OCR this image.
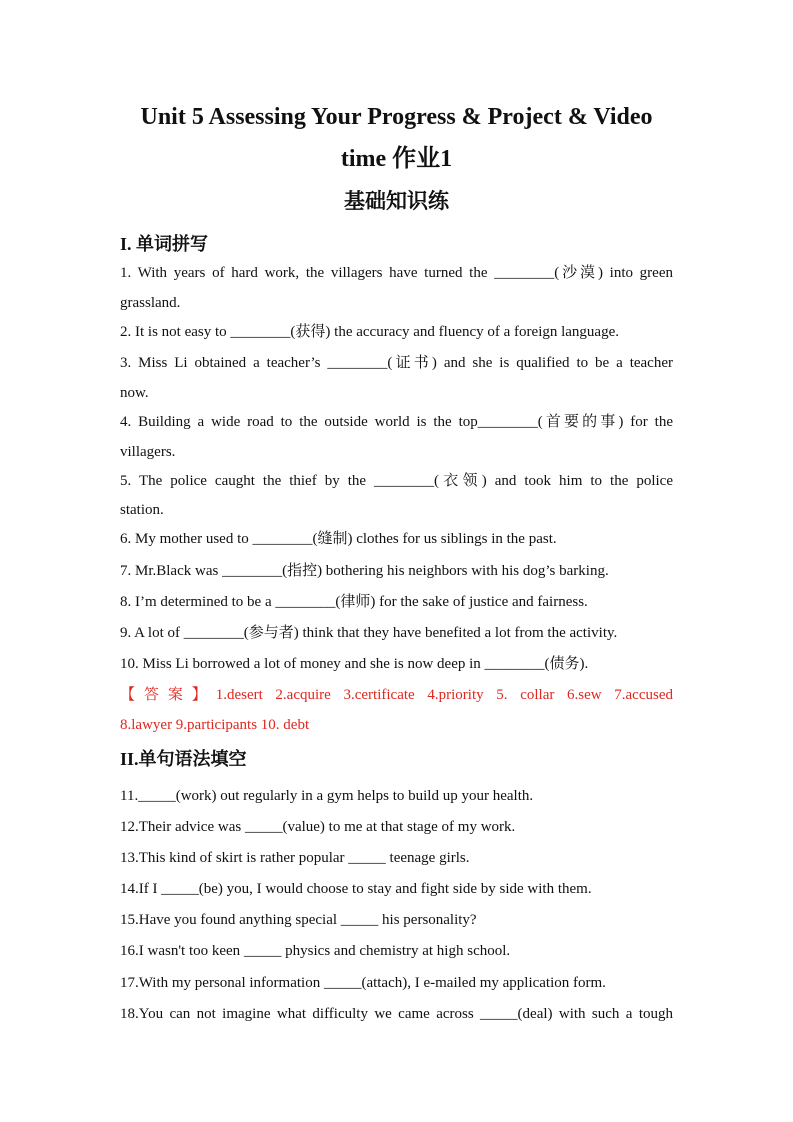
Unit 5 Assessing Your Progress & Project & Video
time 作业1
基础知识练
I. 单词拼写
1. With years of hard work, the villagers have turned the ________(沙漠) into green
grassland.
2. It is not easy to ________(获得) the accuracy and fluency of a foreign language.
3. Miss Li obtained a teacher’s ________(证书) and she is qualified to be a teacher
now.
4. Building a wide road to the outside world is the top________(首要的事) for the
villagers.
5. The police caught the thief by the ________(衣领) and took him to the police
station.
6. My mother used to ________(缝制) clothes for us siblings in the past.
7. Mr.Black was ________(指控) bothering his neighbors with his dog’s barking.
8. I’m determined to be a ________(律师) for the sake of justice and fairness.
9. A lot of ________(参与者) think that they have benefited a lot from the activity.
10. Miss Li borrowed a lot of money and she is now deep in ________(债务).
【答案】1.desert 2.acquire 3.certificate 4.priority 5. collar 6.sew 7.accused
8.lawyer 9.participants 10. debt
II.单句语法填空
11._____(work) out regularly in a gym helps to build up your health.
12.Their advice was _____(value) to me at that stage of my work.
13.This kind of skirt is rather popular _____ teenage girls.
14.If I _____(be) you, I would choose to stay and fight side by side with them.
15.Have you found anything special _____ his personality?
16.I wasn't too keen _____ physics and chemistry at high school.
17.With my personal information _____(attach), I e-mailed my application form.
18.You can not imagine what difficulty we came across _____(deal) with such a tough
